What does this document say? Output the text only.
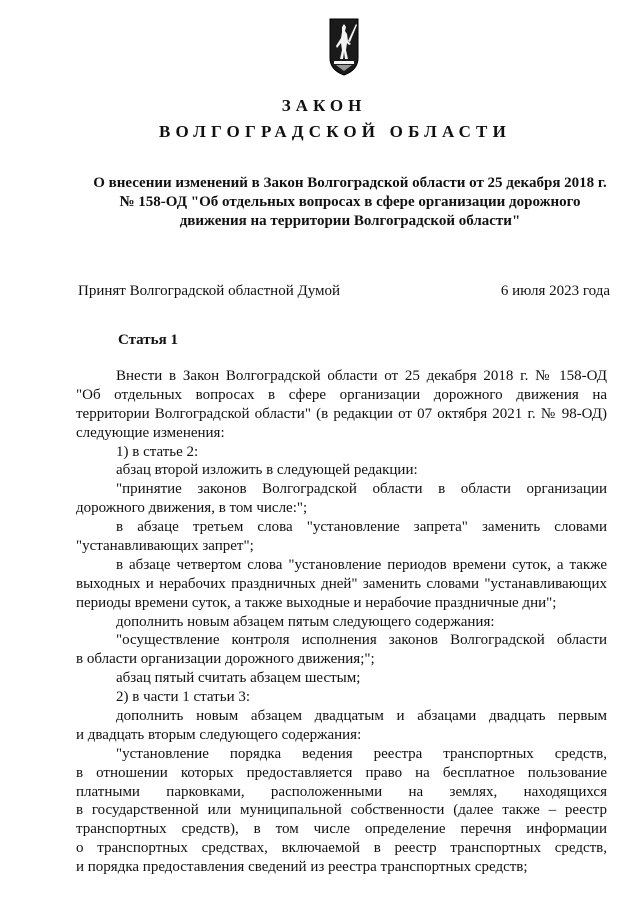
ЗАКОН
ВОЛГОГРАДСКОЙ ОБЛАСТИ
О внесении изменений в Закон Волгоградской области от 25 декабря 2018 г.
№ 158-ОД "Об отдельных вопросах в сфере организации дорожного
движения на территории Волгоградской области"
Принят Волгоградской областной Думой	6 июля 2023 года
Статья 1
Внести в Закон Волгоградской области от 25 декабря 2018 г. № 158-ОД
"Об отдельных вопросах в сфере организации дорожного движения на
территории Волгоградской области" (в редакции от 07 октября 2021 г. № 98-ОД)
следующие изменения:
1) в статье 2:
абзац второй изложить в следующей редакции:
"принятие законов Волгоградской области в области организации
дорожного движения, в том числе:";
в абзаце третьем слова "установление запрета" заменить словами
"устанавливающих запрет";
в абзаце четвертом слова "установление периодов времени суток, а также
выходных и нерабочих праздничных дней" заменить словами "устанавливающих
периоды времени суток, а также выходные и нерабочие праздничные дни";
дополнить новым абзацем пятым следующего содержания:
"осуществление контроля исполнения законов Волгоградской области
в области организации дорожного движения;";
абзац пятый считать абзацем шестым;
2) в части 1 статьи 3:
дополнить новым абзацем двадцатым и абзацами двадцать первым
и двадцать вторым следующего содержания:
"установление порядка ведения реестра транспортных средств,
в отношении которых предоставляется право на бесплатное пользование
платными парковками, расположенными на землях, находящихся
в государственной или муниципальной собственности (далее также – реестр
транспортных средств), в том числе определение перечня информации
о транспортных средствах, включаемой в реестр транспортных средств,
и порядка предоставления сведений из реестра транспортных средств;
